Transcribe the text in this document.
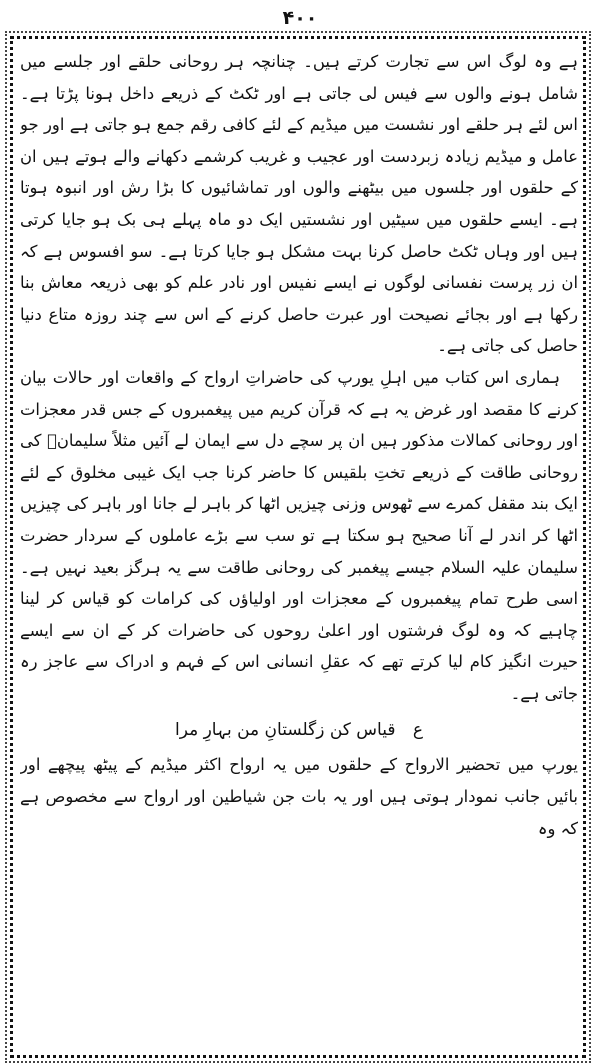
۴۰۰

ہے وہ لوگ اس سے تجارت کرتے ہیں۔ چنانچہ ہر روحانی حلقے اور جلسے میں شامل ہونے والوں سے فیس لی جاتی ہے اور ٹکٹ کے ذریعے داخل ہونا پڑتا ہے۔ اس لئے ہر حلقے اور نشست میں میڈیم کے لئے کافی رقم جمع ہو جاتی ہے اور جو عامل و میڈیم زیادہ زبردست اور عجیب و غریب کرشمے دکھانے والے ہوتے ہیں ان کے حلقوں اور جلسوں میں بیٹھنے والوں اور تماشائیوں کا بڑا رش اور انبوہ ہوتا ہے۔ ایسے حلقوں میں سیٹیں اور نشستیں ایک دو ماہ پہلے ہی بک ہو جایا کرتی ہیں اور وہاں ٹکٹ حاصل کرنا بہت مشکل ہو جایا کرتا ہے۔ سو افسوس ہے کہ ان زر پرست نفسانی لوگوں نے ایسے نفیس اور نادر علم کو بھی ذریعہ معاش بنا رکھا ہے اور بجائے نصیحت اور عبرت حاصل کرنے کے اس سے چند روزہ متاع دنیا حاصل کی جاتی ہے۔

ہماری اس کتاب میں اہلِ یورپ کی حاضراتِ ارواح کے واقعات اور حالات بیان کرنے کا مقصد اور غرض یہ ہے کہ قرآن کریم میں پیغمبروں کے جس قدر معجزات اور روحانی کمالات مذکور ہیں ان پر سچے دل سے ایمان لے آئیں مثلاً سلیمانؑ کی روحانی طاقت کے ذریعے تختِ بلقیس کا حاضر کرنا جب ایک غیبی مخلوق کے لئے ایک بند مقفل کمرے سے ٹھوس وزنی چیزیں اٹھا کر باہر لے جانا اور باہر کی چیزیں اٹھا کر اندر لے آنا صحیح ہو سکتا ہے تو سب سے بڑے عاملوں کے سردار حضرت سلیمان علیہ السلام جیسے پیغمبر کی روحانی طاقت سے یہ ہرگز بعید نہیں ہے۔ اسی طرح تمام پیغمبروں کے معجزات اور اولیاؤں کی کرامات کو قیاس کر لینا چاہیے کہ وہ لوگ فرشتوں اور اعلیٰ روحوں کی حاضرات کر کے ان سے ایسے حیرت انگیز کام لیا کرتے تھے کہ عقلِ انسانی اس کے فہم و ادراک سے عاجز رہ جاتی ہے۔

ع قیاس کن زگلستانِ من بہارِ مرا

یورپ میں تحضیر الارواح کے حلقوں میں یہ ارواح اکثر میڈیم کے پیٹھ پیچھے اور بائیں جانب نمودار ہوتی ہیں اور یہ بات جن شیاطین اور ارواح سے مخصوص ہے کہ وہ
